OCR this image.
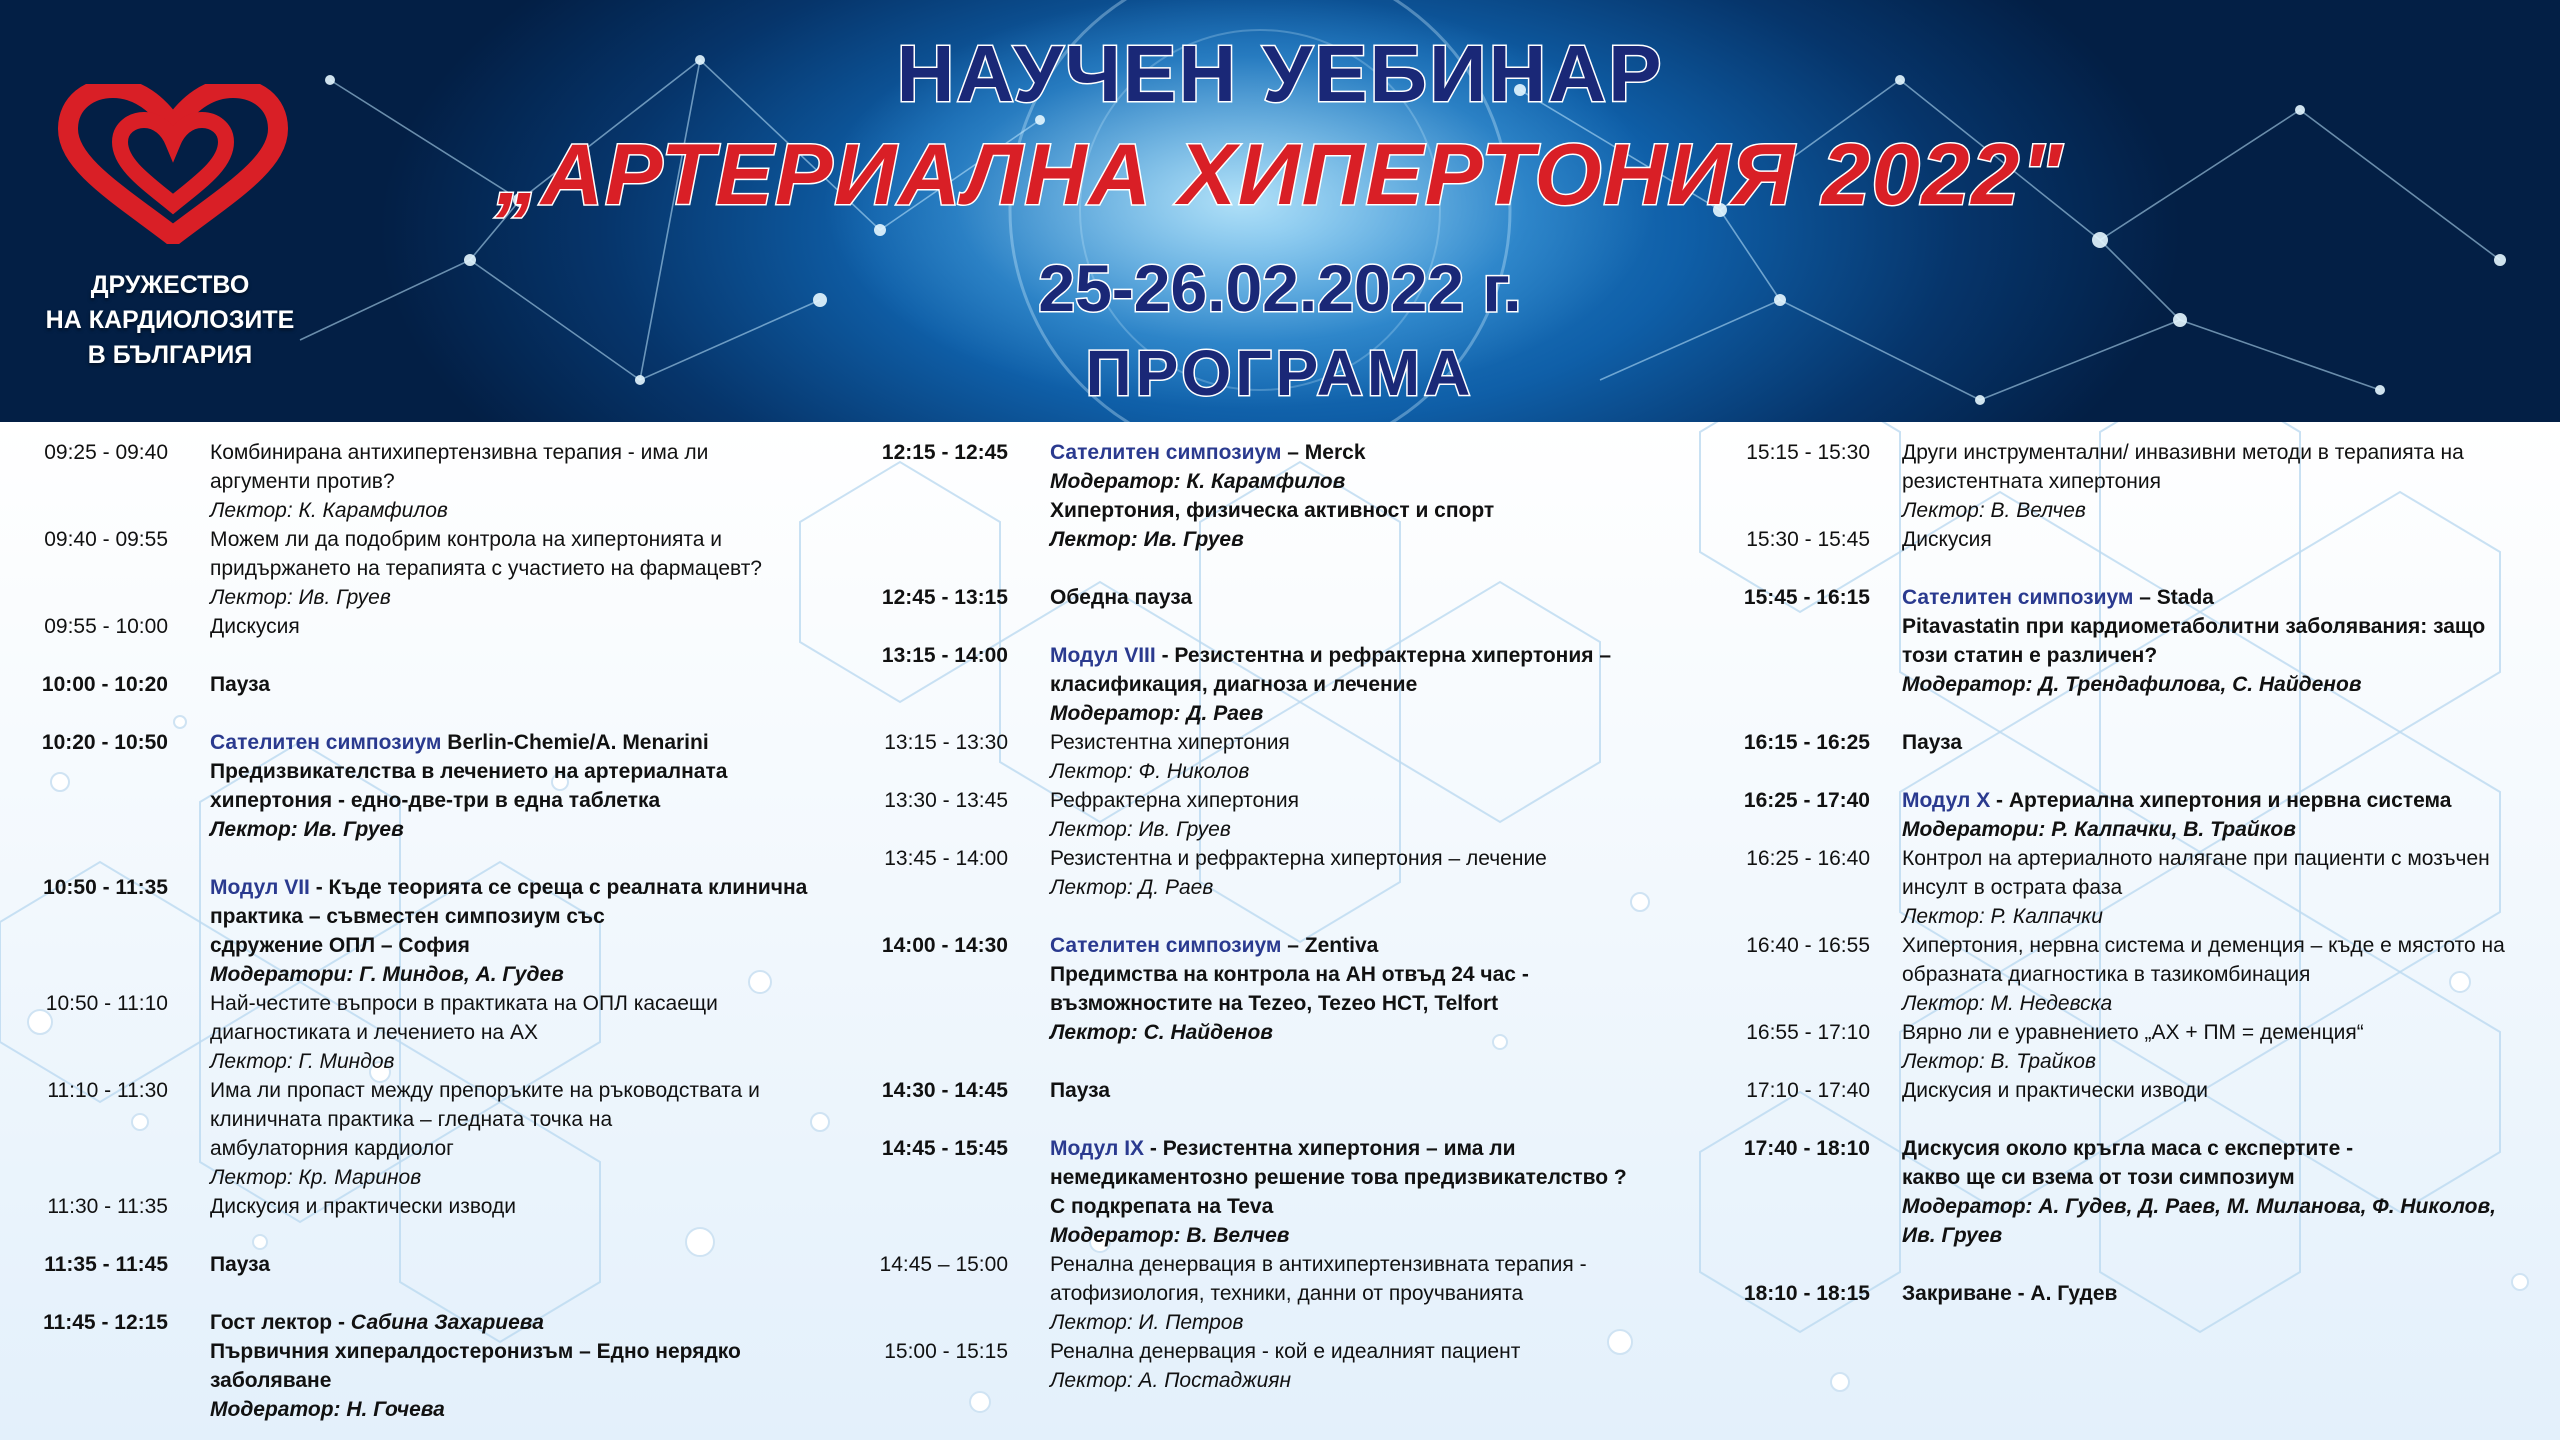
ДРУЖЕСТВО
НА КАРДИОЛОЗИТЕ
В БЪЛГАРИЯ
НАУЧЕН УЕБИНАР
„АРТЕРИАЛНА ХИПЕРТОНИЯ 2022"
25-26.02.2022 г.
ПРОГРАМА
09:25 - 09:40 Комбинирана антихипертензивна терапия - има ли
аргументи против?
Лектор: К. Карамфилов
09:40 - 09:55 Можем ли да подобрим контрола на хипертонията и
придържането на терапията с участието на фармацевт?
Лектор: Ив. Груев
09:55 - 10:00 Дискусия
10:00 - 10:20 Пауза
10:20 - 10:50 Сателитен симпозиум Berlin-Chemie/A. Menarini
Предизвикателства в лечението на артериалната
хипертония - едно-две-три в една таблетка
Лектор: Ив. Груев
10:50 - 11:35 Модул VII - Къде теорията се среща с реалната клинична
практика – съвместен симпозиум със
сдружение ОПЛ – София
Модератори: Г. Миндов, А. Гудев
10:50 - 11:10 Най-честите въпроси в практиката на ОПЛ касаещи
диагностиката и лечението на АХ
Лектор: Г. Миндов
11:10 - 11:30 Има ли пропаст между препоръките на ръководствата и
клиничната практика – гледната точка на
амбулаторния кардиолог
Лектор: Кр. Маринов
11:30 - 11:35 Дискусия и практически изводи
11:35 - 11:45 Пауза
11:45 - 12:15 Гост лектор - Сабина Захариева
Първичния хипералдостеронизъм – Едно нерядко
заболяване
Модератор: Н. Гочева
12:15 - 12:45 Сателитен симпозиум – Merck
Модератор: К. Карамфилов
Хипертония, физическа активност и спорт
Лектор: Ив. Груев
12:45 - 13:15 Обедна пауза
13:15 - 14:00 Модул VIII - Резистентна и рефрактерна хипертония –
класификация, диагноза и лечение
Модератор: Д. Раев
13:15 - 13:30 Резистентна хипертония
Лектор: Ф. Николов
13:30 - 13:45 Рефрактерна хипертония
Лектор: Ив. Груев
13:45 - 14:00 Резистентна и рефрактерна хипертония – лечение
Лектор: Д. Раев
14:00 - 14:30 Сателитен симпозиум – Zentiva
Предимства на контрола на АН отвъд 24 час -
възможностите на Tezeo, Tezeo HCT, Telfort
Лектор: С. Найденов
14:30 - 14:45 Пауза
14:45 - 15:45 Модул IX - Резистентна хипертония – има ли
немедикаментозно решение това предизвикателство ?
С подкрепата на Teva
Модератор: В. Велчев
14:45 – 15:00 Ренална денервация в антихипертензивната терапия -
атофизиология, техники, данни от проучванията
Лектор: И. Петров
15:00 - 15:15 Ренална денервация - кой е идеалният пациент
Лектор: А. Постаджиян
15:15 - 15:30 Други инструментални/ инвазивни методи в терапията на
резистентната хипертония
Лектор: В. Велчев
15:30 - 15:45 Дискусия
15:45 - 16:15 Сателитен симпозиум – Stada
Pitavastatin при кардиометаболитни заболявания: защо
този статин е различен?
Модератор: Д. Трендафилова, С. Найденов
16:15 - 16:25 Пауза
16:25 - 17:40 Модул X - Артериална хипертония и нервна система
Модератори: Р. Калпачки, В. Трайков
16:25 - 16:40 Контрол на артериалното налягане при пациенти с мозъчен
инсулт в острата фаза
Лектор: Р. Калпачки
16:40 - 16:55 Хипертония, нервна система и деменция – къде е мястото на
образната диагностика в тазикомбинация
Лектор: М. Недевска
16:55 - 17:10 Вярно ли е уравнението „АХ + ПМ = деменция“
Лектор: В. Трайков
17:10 - 17:40 Дискусия и практически изводи
17:40 - 18:10 Дискусия около кръгла маса с експертите -
какво ще си взема от този симпозиум
Модератор: А. Гудев, Д. Раев, М. Миланова, Ф. Николов,
Ив. Груев
18:10 - 18:15 Закриване - А. Гудев
